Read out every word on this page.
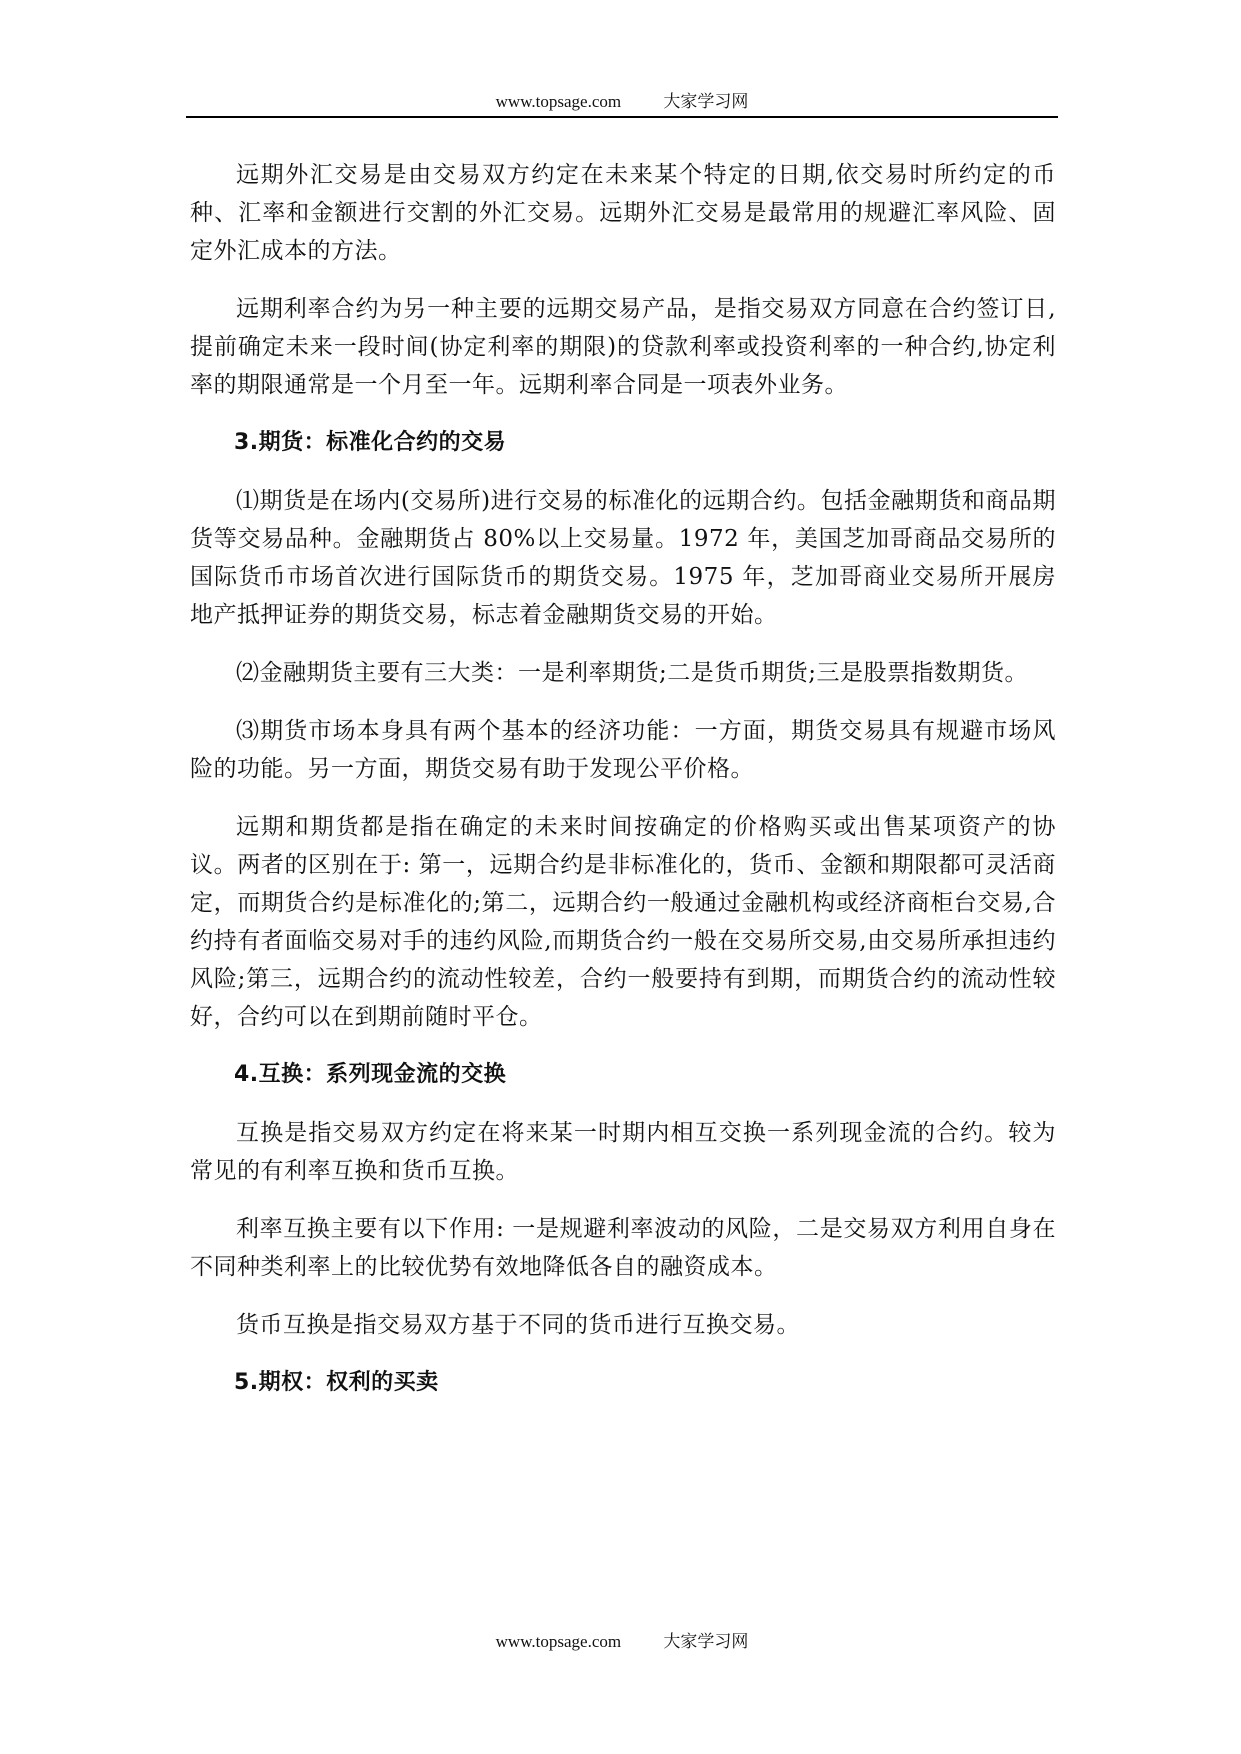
www.topsage.com 大家学习网

远期外汇交易是由交易双方约定在未来某个特定的日期,依交易时所约定的币种、汇率和金额进行交割的外汇交易。远期外汇交易是最常用的规避汇率风险、固定外汇成本的方法。

远期利率合约为另一种主要的远期交易产品，是指交易双方同意在合约签订日,提前确定未来一段时间(协定利率的期限)的贷款利率或投资利率的一种合约,协定利率的期限通常是一个月至一年。远期利率合同是一项表外业务。

3.期货：标准化合约的交易

⑴期货是在场内(交易所)进行交易的标准化的远期合约。包括金融期货和商品期货等交易品种。金融期货占 80%以上交易量。1972 年，美国芝加哥商品交易所的国际货币市场首次进行国际货币的期货交易。1975 年，芝加哥商业交易所开展房地产抵押证券的期货交易，标志着金融期货交易的开始。

⑵金融期货主要有三大类：一是利率期货;二是货币期货;三是股票指数期货。

⑶期货市场本身具有两个基本的经济功能：一方面，期货交易具有规避市场风险的功能。另一方面，期货交易有助于发现公平价格。

远期和期货都是指在确定的未来时间按确定的价格购买或出售某项资产的协议。两者的区别在于: 第一，远期合约是非标准化的，货币、金额和期限都可灵活商定，而期货合约是标准化的;第二，远期合约一般通过金融机构或经济商柜台交易,合约持有者面临交易对手的违约风险,而期货合约一般在交易所交易,由交易所承担违约风险;第三，远期合约的流动性较差，合约一般要持有到期，而期货合约的流动性较好，合约可以在到期前随时平仓。

4.互换：系列现金流的交换

互换是指交易双方约定在将来某一时期内相互交换一系列现金流的合约。较为常见的有利率互换和货币互换。

利率互换主要有以下作用: 一是规避利率波动的风险，二是交易双方利用自身在不同种类利率上的比较优势有效地降低各自的融资成本。

货币互换是指交易双方基于不同的货币进行互换交易。

5.期权：权利的买卖

www.topsage.com 大家学习网
